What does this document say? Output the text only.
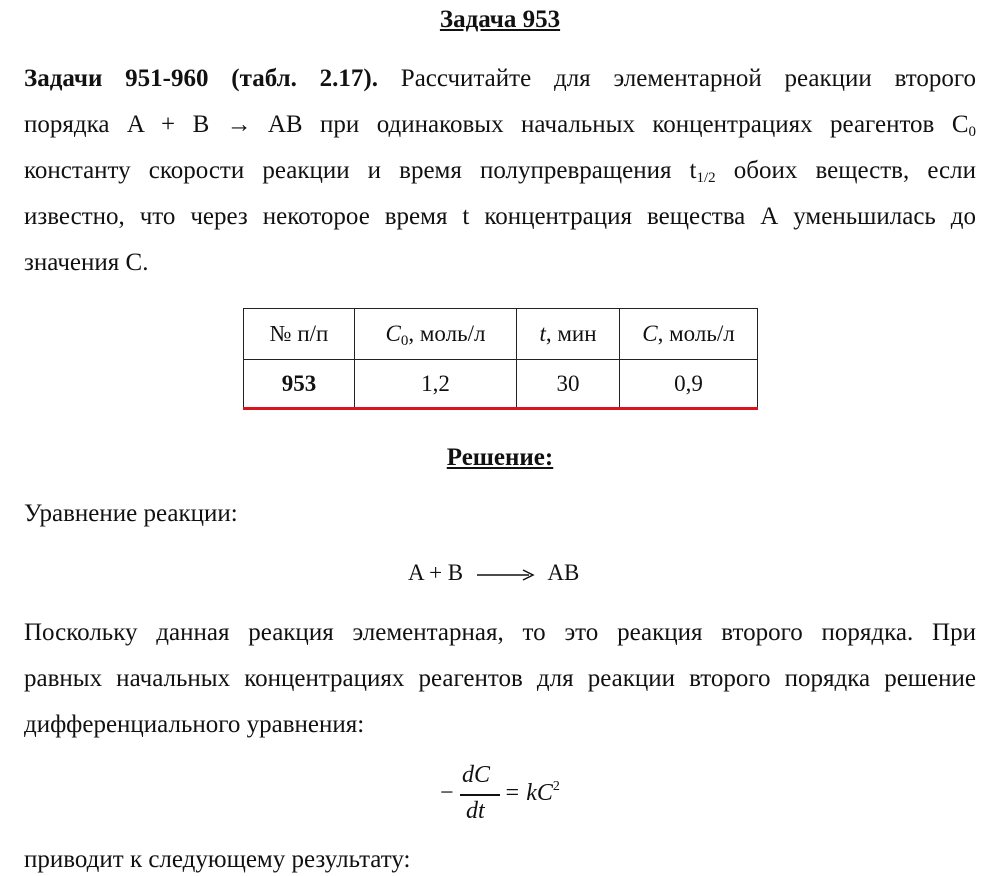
Задача 953
Задачи 951-960 (табл. 2.17). Рассчитайте для элементарной реакции второго
порядка A + B → AB при одинаковых начальных концентрациях реагентов $C_0$
константу скорости реакции и время полупревращения $t_{1/2}$ обоих веществ, если
известно, что через некоторое время t концентрация вещества А уменьшилась до
значения С.
№ п/п	$C_0$, моль/л	t, мин	C, моль/л
953	1,2	30	0,9
Решение:
Уравнение реакции:
A + B	AB
Поскольку данная реакция элементарная, то это реакция второго порядка. При
равных начальных концентрациях реагентов для реакции второго порядка решение
дифференциального уравнения:
−
dC
dt
= $kC^2$
приводит к следующему результату:
